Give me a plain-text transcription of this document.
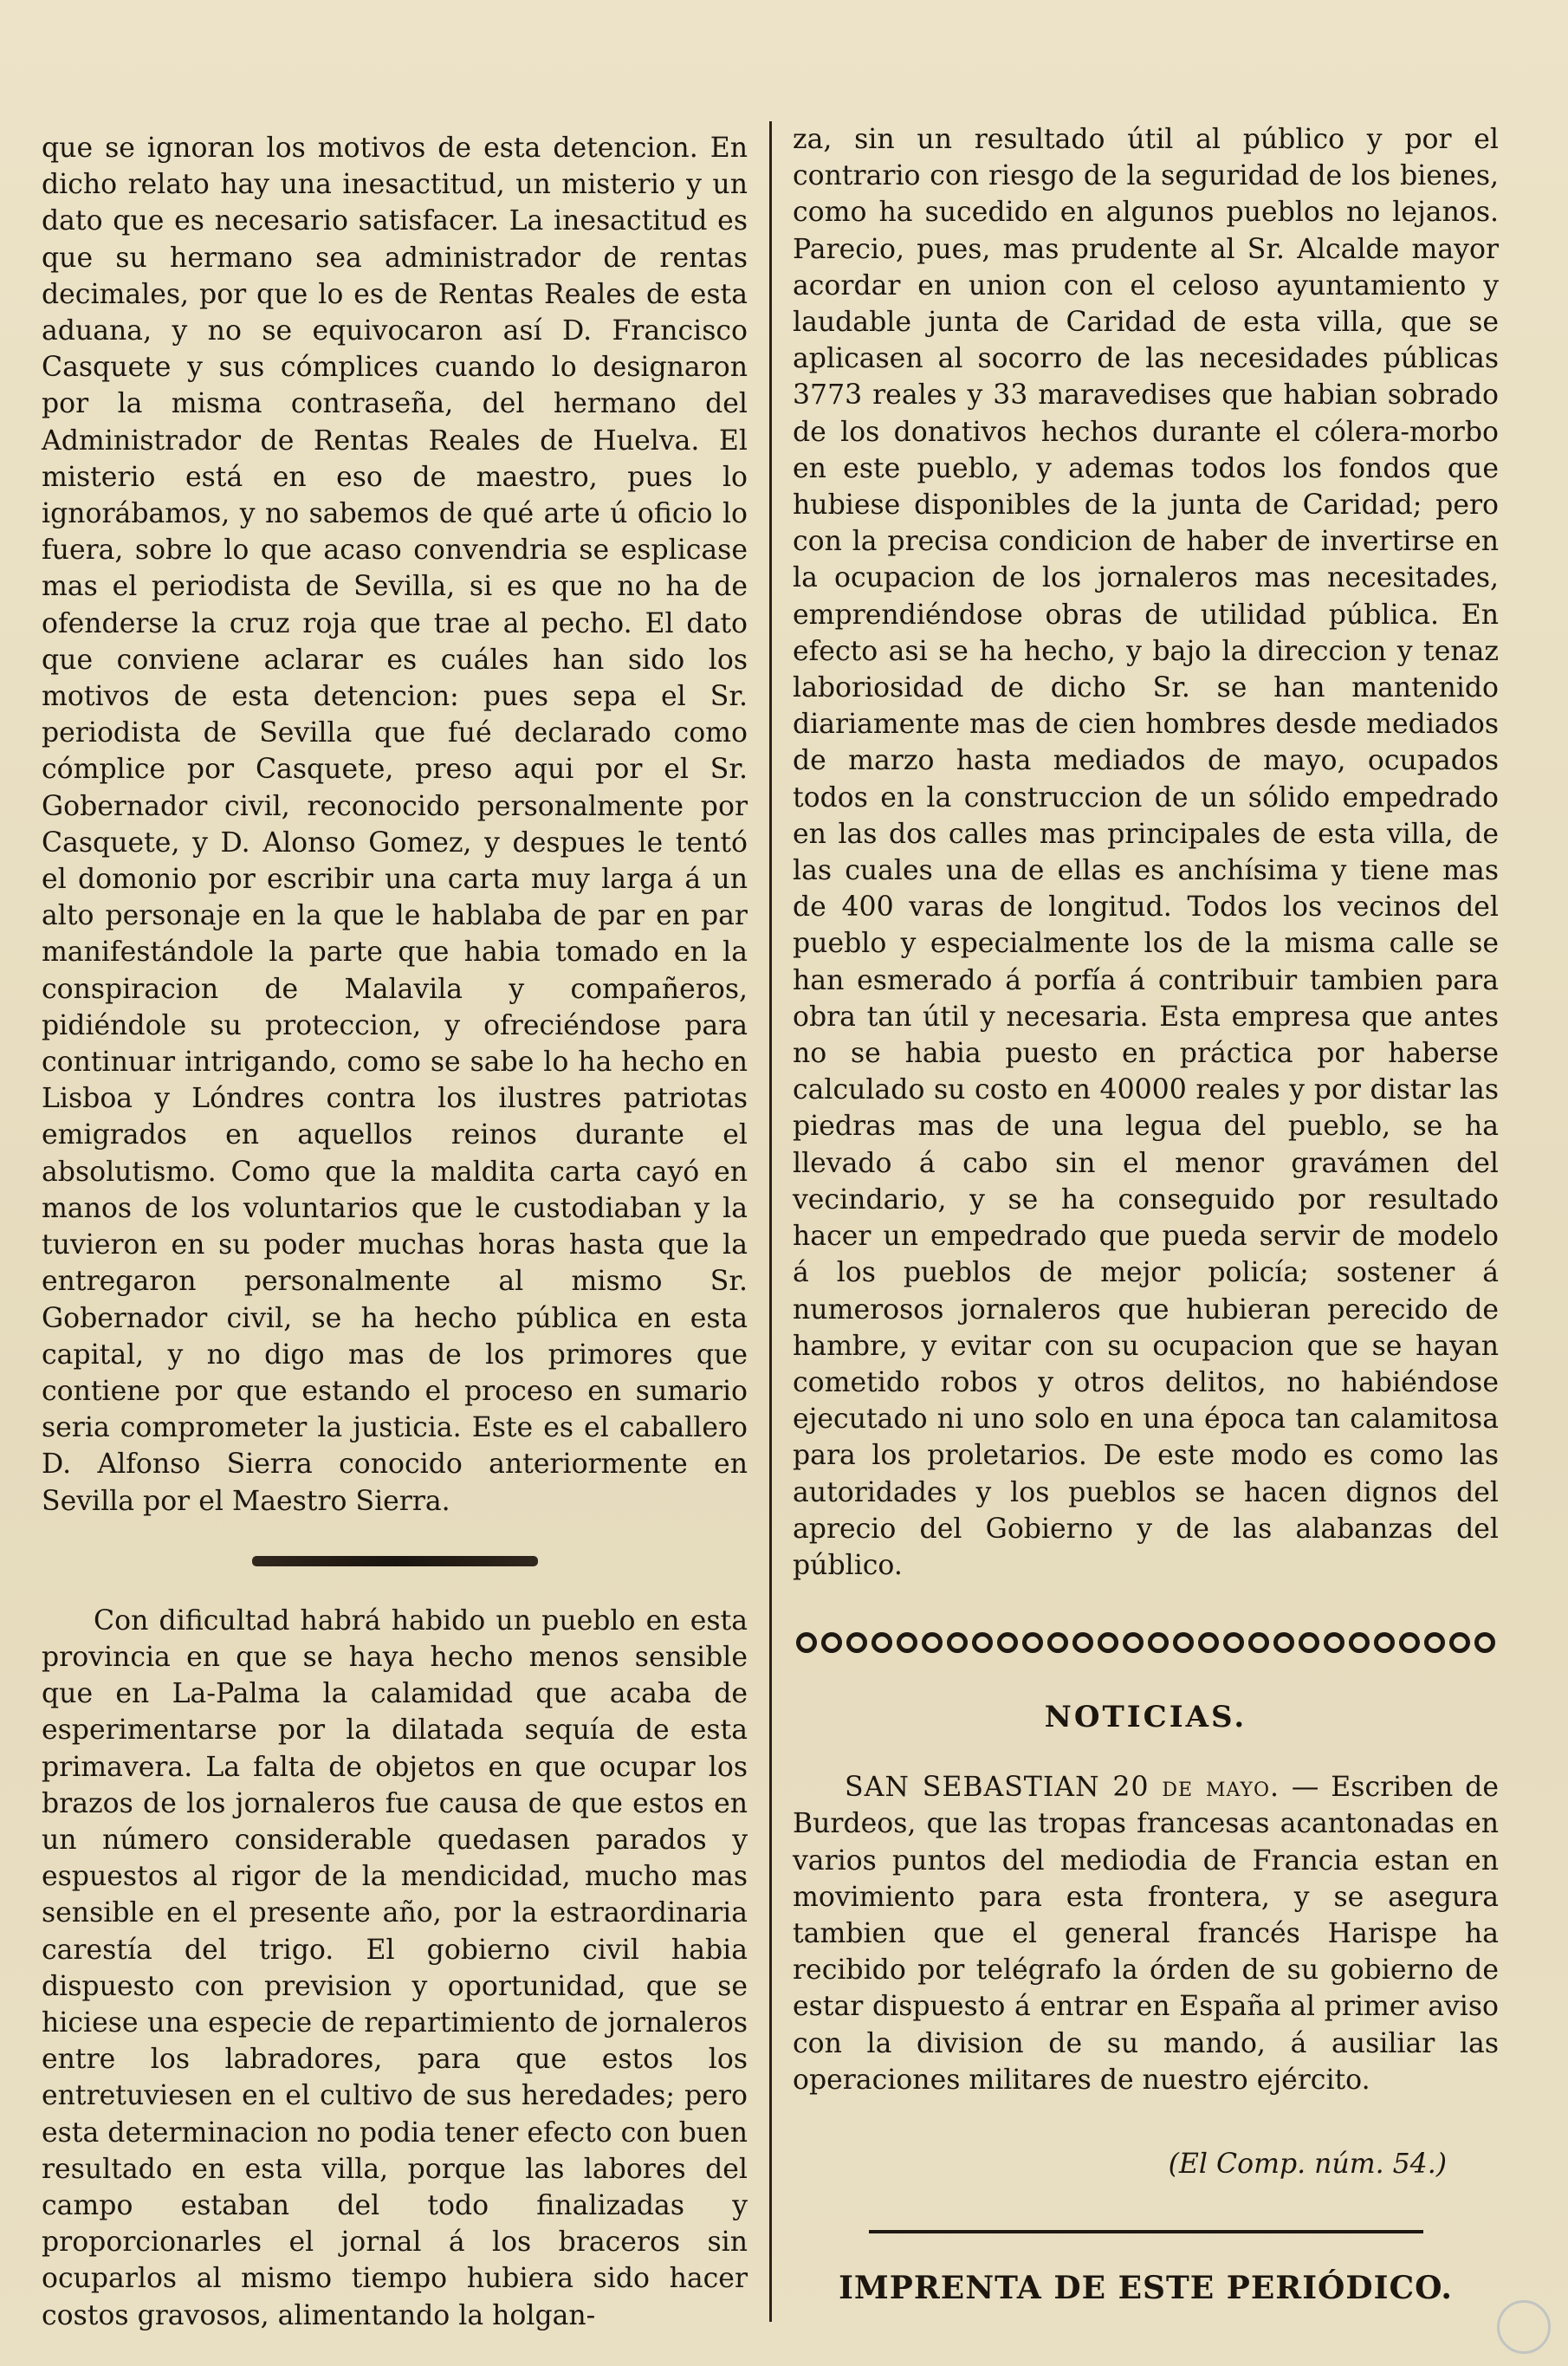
que se ignoran los motivos de esta detencion. En dicho relato hay una inesactitud, un misterio y un dato que es necesario satisfacer. La inesactitud es que su hermano sea administrador de rentas decimales, por que lo es de Rentas Reales de esta aduana, y no se equivocaron así D. Francisco Casquete y sus cómplices cuando lo designaron por la misma contraseña, del hermano del Administrador de Rentas Reales de Huelva. El misterio está en eso de maestro, pues lo ignorábamos, y no sabemos de qué arte ú oficio lo fuera, sobre lo que acaso convendria se esplicase mas el periodista de Sevilla, si es que no ha de ofenderse la cruz roja que trae al pecho. El dato que conviene aclarar es cuáles han sido los motivos de esta detencion: pues sepa el Sr. periodista de Sevilla que fué declarado como cómplice por Casquete, preso aqui por el Sr. Gobernador civil, reconocido personalmente por Casquete, y D. Alonso Gomez, y despues le tentó el domonio por escribir una carta muy larga á un alto personaje en la que le hablaba de par en par manifestándole la parte que habia tomado en la conspiracion de Malavila y compañeros, pidiéndole su proteccion, y ofreciéndose para continuar intrigando, como se sabe lo ha hecho en Lisboa y Lóndres contra los ilustres patriotas emigrados en aquellos reinos durante el absolutismo. Como que la maldita carta cayó en manos de los voluntarios que le custodiaban y la tuvieron en su poder muchas horas hasta que la entregaron personalmente al mismo Sr. Gobernador civil, se ha hecho pública en esta capital, y no digo mas de los primores que contiene por que estando el proceso en sumario seria comprometer la justicia. Este es el caballero D. Alfonso Sierra conocido anteriormente en Sevilla por el Maestro Sierra.

Con dificultad habrá habido un pueblo en esta provincia en que se haya hecho menos sensible que en La-Palma la calamidad que acaba de esperimentarse por la dilatada sequía de esta primavera. La falta de objetos en que ocupar los brazos de los jornaleros fue causa de que estos en un número considerable quedasen parados y espuestos al rigor de la mendicidad, mucho mas sensible en el presente año, por la estraordinaria carestía del trigo. El gobierno civil habia dispuesto con prevision y oportunidad, que se hiciese una especie de repartimiento de jornaleros entre los labradores, para que estos los entretuviesen en el cultivo de sus heredades; pero esta determinacion no podia tener efecto con buen resultado en esta villa, porque las labores del campo estaban del todo finalizadas y proporcionarles el jornal á los braceros sin ocuparlos al mismo tiempo hubiera sido hacer costos gravosos, alimentando la holgan-

za, sin un resultado útil al público y por el contrario con riesgo de la seguridad de los bienes, como ha sucedido en algunos pueblos no lejanos. Parecio, pues, mas prudente al Sr. Alcalde mayor acordar en union con el celoso ayuntamiento y laudable junta de Caridad de esta villa, que se aplicasen al socorro de las necesidades públicas 3773 reales y 33 maravedises que habian sobrado de los donativos hechos durante el cólera-morbo en este pueblo, y ademas todos los fondos que hubiese disponibles de la junta de Caridad; pero con la precisa condicion de haber de invertirse en la ocupacion de los jornaleros mas necesitades, emprendiéndose obras de utilidad pública. En efecto asi se ha hecho, y bajo la direccion y tenaz laboriosidad de dicho Sr. se han mantenido diariamente mas de cien hombres desde mediados de marzo hasta mediados de mayo, ocupados todos en la construccion de un sólido empedrado en las dos calles mas principales de esta villa, de las cuales una de ellas es anchísima y tiene mas de 400 varas de longitud. Todos los vecinos del pueblo y especialmente los de la misma calle se han esmerado á porfía á contribuir tambien para obra tan útil y necesaria. Esta empresa que antes no se habia puesto en práctica por haberse calculado su costo en 40000 reales y por distar las piedras mas de una legua del pueblo, se ha llevado á cabo sin el menor gravámen del vecindario, y se ha conseguido por resultado hacer un empedrado que pueda servir de modelo á los pueblos de mejor policía; sostener á numerosos jornaleros que hubieran perecido de hambre, y evitar con su ocupacion que se hayan cometido robos y otros delitos, no habiéndose ejecutado ni uno solo en una época tan calamitosa para los proletarios. De este modo es como las autoridades y los pueblos se hacen dignos del aprecio del Gobierno y de las alabanzas del público.

NOTICIAS.

SAN SEBASTIAN 20 de mayo. — Escriben de Burdeos, que las tropas francesas acantonadas en varios puntos del mediodia de Francia estan en movimiento para esta frontera, y se asegura tambien que el general francés Harispe ha recibido por telégrafo la órden de su gobierno de estar dispuesto á entrar en España al primer aviso con la division de su mando, á ausiliar las operaciones militares de nuestro ejército.

(El Comp. núm. 54.)
IMPRENTA DE ESTE PERIÓDICO.
